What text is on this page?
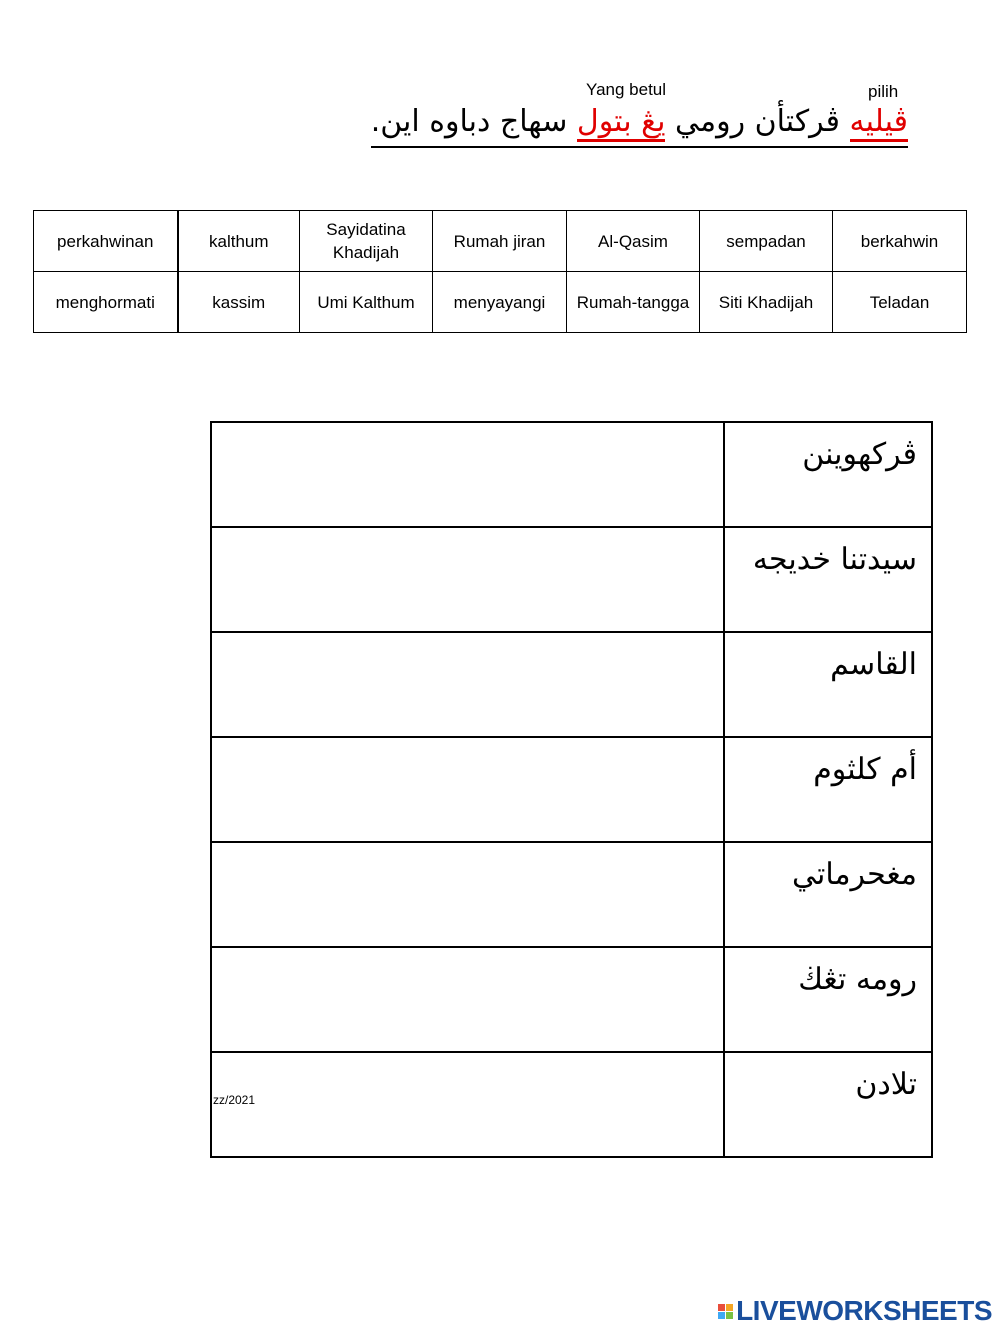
Yang betul	pilih
ڤيليه ڤركتأن رومي يڠ بتول سهاج دباوه اين.
perkahwinan	kalthum	Sayidatina Khadijah	Rumah jiran	Al-Qasim	sempadan	berkahwin
menghormati	kassim	Umi Kalthum	menyayangi	Rumah-tangga	Siti Khadijah	Teladan
	ڤركهوينن

	سيدتنا خديجه

	القاسم

	أم كلثوم

	مغحرماتي

	رومه تڠڬ

	تلادن
zz/2021
LIVEWORKSHEETS
